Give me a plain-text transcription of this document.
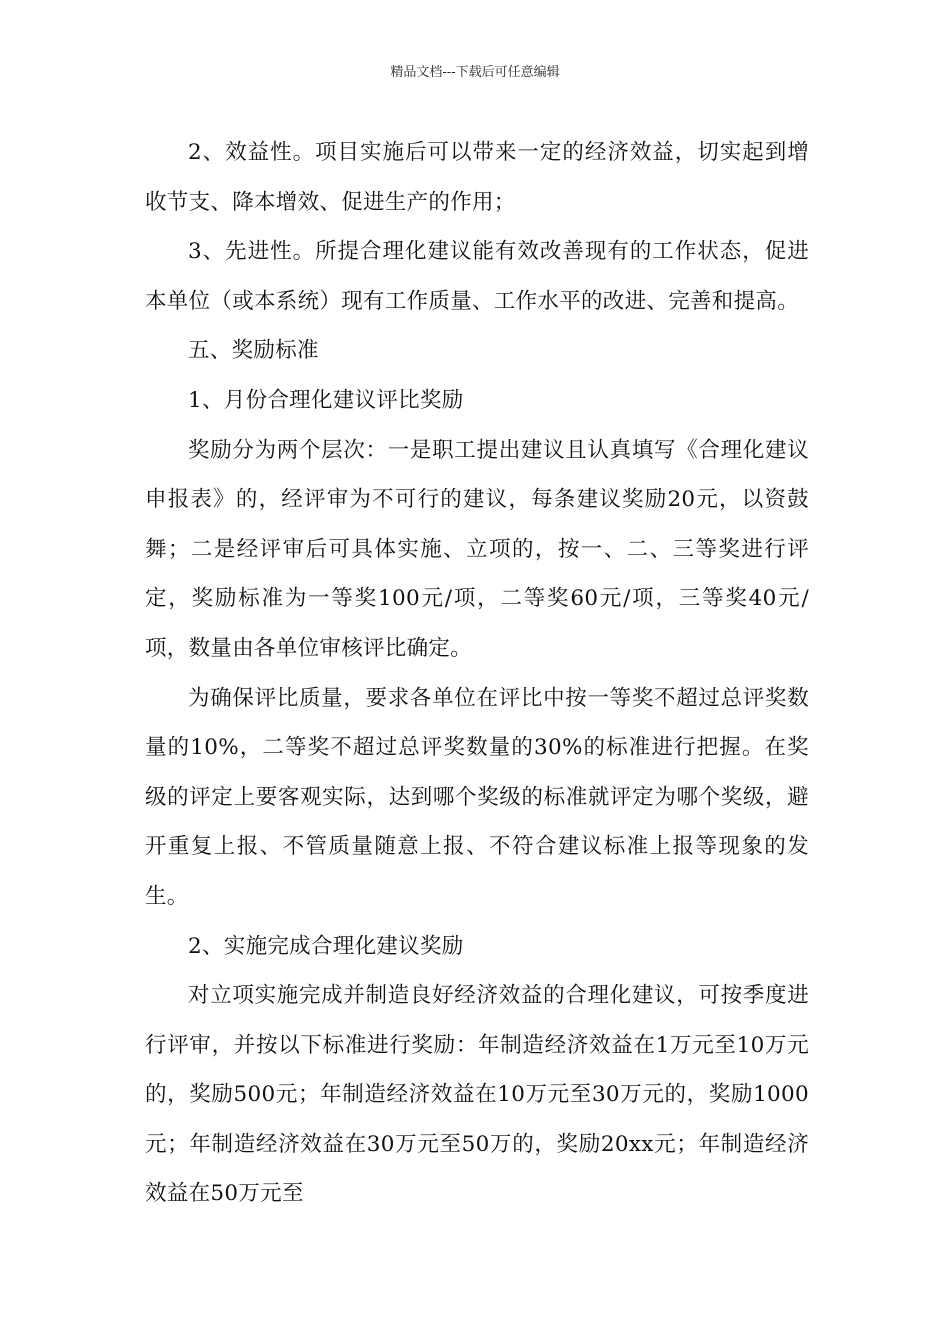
精品文档---下载后可任意编辑

2、效益性。项目实施后可以带来一定的经济效益，切实起到增收节支、降本增效、促进生产的作用；

3、先进性。所提合理化建议能有效改善现有的工作状态，促进本单位（或本系统）现有工作质量、工作水平的改进、完善和提高。

五、奖励标准

1、月份合理化建议评比奖励

奖励分为两个层次：一是职工提出建议且认真填写《合理化建议申报表》的，经评审为不可行的建议，每条建议奖励20元，以资鼓舞；二是经评审后可具体实施、立项的，按一、二、三等奖进行评定，奖励标准为一等奖100元/项，二等奖60元/项，三等奖40元/项，数量由各单位审核评比确定。

为确保评比质量，要求各单位在评比中按一等奖不超过总评奖数量的10%，二等奖不超过总评奖数量的30%的标准进行把握。在奖级的评定上要客观实际，达到哪个奖级的标准就评定为哪个奖级，避开重复上报、不管质量随意上报、不符合建议标准上报等现象的发生。

2、实施完成合理化建议奖励

对立项实施完成并制造良好经济效益的合理化建议，可按季度进行评审，并按以下标准进行奖励：年制造经济效益在1万元至10万元的，奖励500元；年制造经济效益在10万元至30万元的，奖励1000元；年制造经济效益在30万元至50万的，奖励20xx元；年制造经济效益在50万元至
